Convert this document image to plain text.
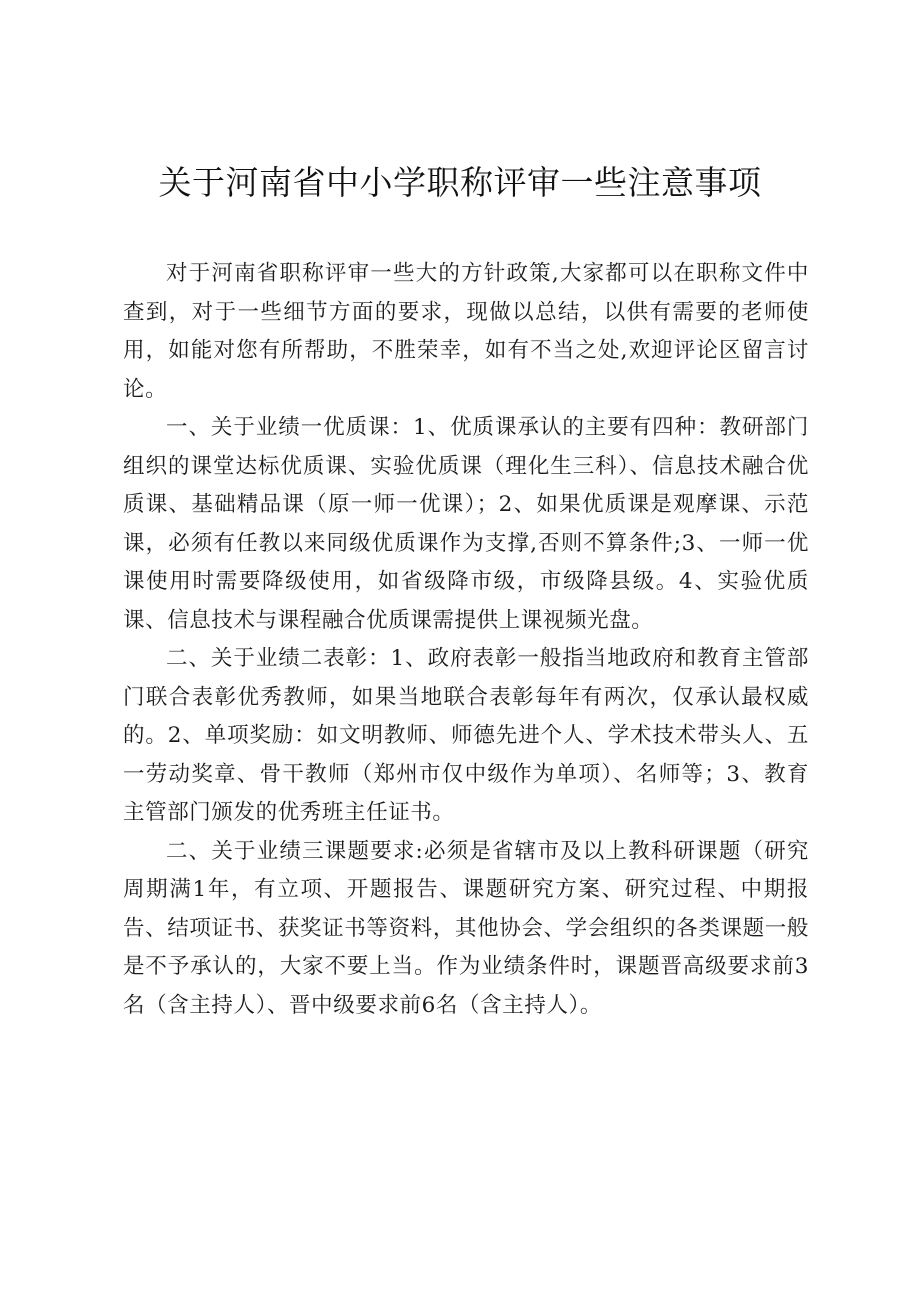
关于河南省中小学职称评审一些注意事项

对于河南省职称评审一些大的方针政策,大家都可以在职称文件中查到，对于一些细节方面的要求，现做以总结，以供有需要的老师使用，如能对您有所帮助，不胜荣幸，如有不当之处,欢迎评论区留言讨论。

一、关于业绩一优质课：1、优质课承认的主要有四种：教研部门组织的课堂达标优质课、实验优质课（理化生三科）、信息技术融合优质课、基础精品课（原一师一优课）；2、如果优质课是观摩课、示范课，必须有任教以来同级优质课作为支撑,否则不算条件;3、一师一优课使用时需要降级使用，如省级降市级，市级降县级。4、实验优质课、信息技术与课程融合优质课需提供上课视频光盘。

二、关于业绩二表彰：1、政府表彰一般指当地政府和教育主管部门联合表彰优秀教师，如果当地联合表彰每年有两次，仅承认最权威的。2、单项奖励：如文明教师、师德先进个人、学术技术带头人、五一劳动奖章、骨干教师（郑州市仅中级作为单项）、名师等；3、教育主管部门颁发的优秀班主任证书。

二、关于业绩三课题要求:必须是省辖市及以上教科研课题（研究周期满1年，有立项、开题报告、课题研究方案、研究过程、中期报告、结项证书、获奖证书等资料，其他协会、学会组织的各类课题一般是不予承认的，大家不要上当。作为业绩条件时，课题晋高级要求前3名（含主持人）、晋中级要求前6名（含主持人）。
